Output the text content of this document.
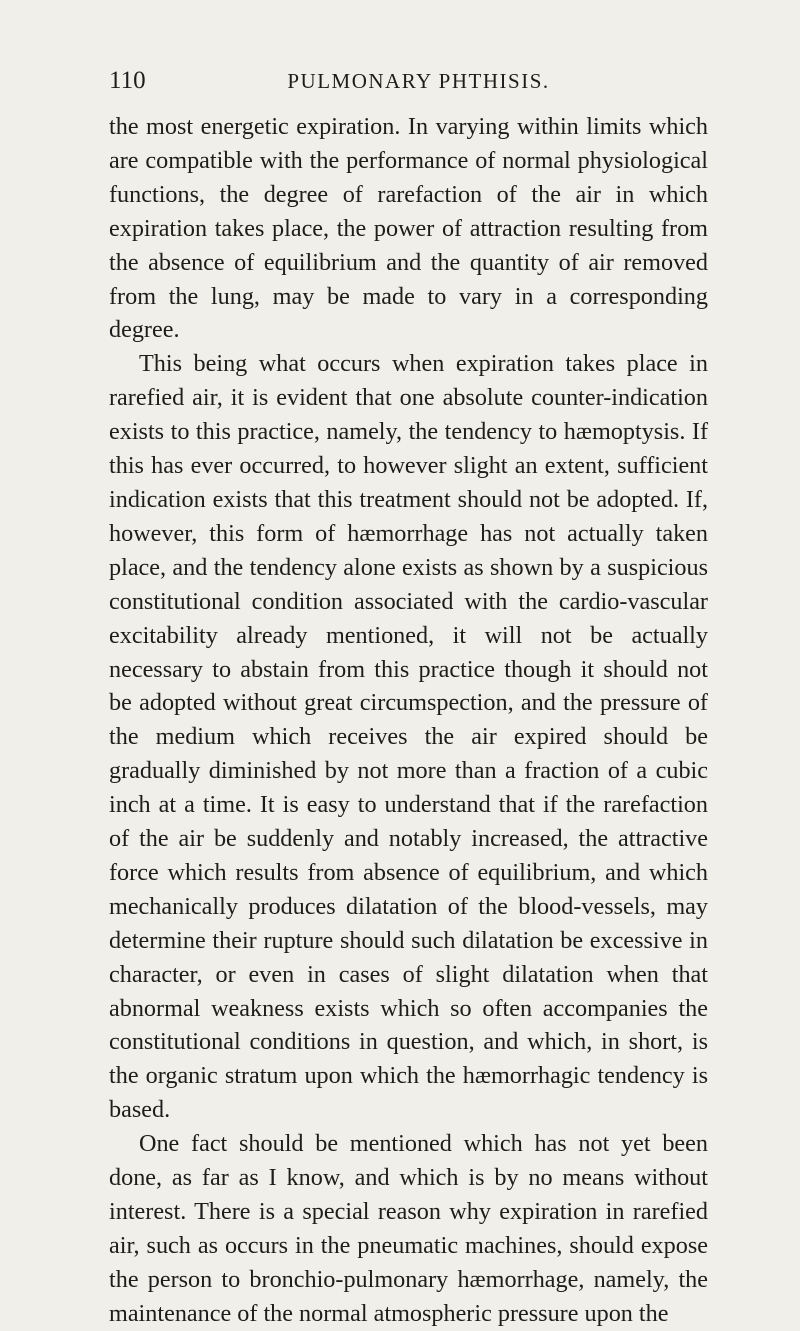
110	PULMONARY PHTHISIS.

the most energetic expiration. In varying within limits which are compatible with the performance of normal physiological functions, the degree of rarefaction of the air in which expiration takes place, the power of attraction resulting from the absence of equilibrium and the quantity of air removed from the lung, may be made to vary in a corresponding degree.

This being what occurs when expiration takes place in rarefied air, it is evident that one absolute counter-indication exists to this practice, namely, the tendency to hæmoptysis. If this has ever occurred, to however slight an extent, sufficient indication exists that this treatment should not be adopted. If, however, this form of hæmorrhage has not actually taken place, and the tendency alone exists as shown by a suspicious constitutional condition associated with the cardio-vascular excitability already mentioned, it will not be actually necessary to abstain from this practice though it should not be adopted without great circumspection, and the pressure of the medium which receives the air expired should be gradually diminished by not more than a fraction of a cubic inch at a time. It is easy to understand that if the rarefaction of the air be suddenly and notably increased, the attractive force which results from absence of equilibrium, and which mechanically produces dilatation of the blood-vessels, may determine their rupture should such dilatation be excessive in character, or even in cases of slight dilatation when that abnormal weakness exists which so often accompanies the constitutional conditions in question, and which, in short, is the organic stratum upon which the hæmorrhagic tendency is based.

One fact should be mentioned which has not yet been done, as far as I know, and which is by no means without interest. There is a special reason why expiration in rarefied air, such as occurs in the pneumatic machines, should expose the person to bronchio-pulmonary hæmorrhage, namely, the maintenance of the normal atmospheric pressure upon the
